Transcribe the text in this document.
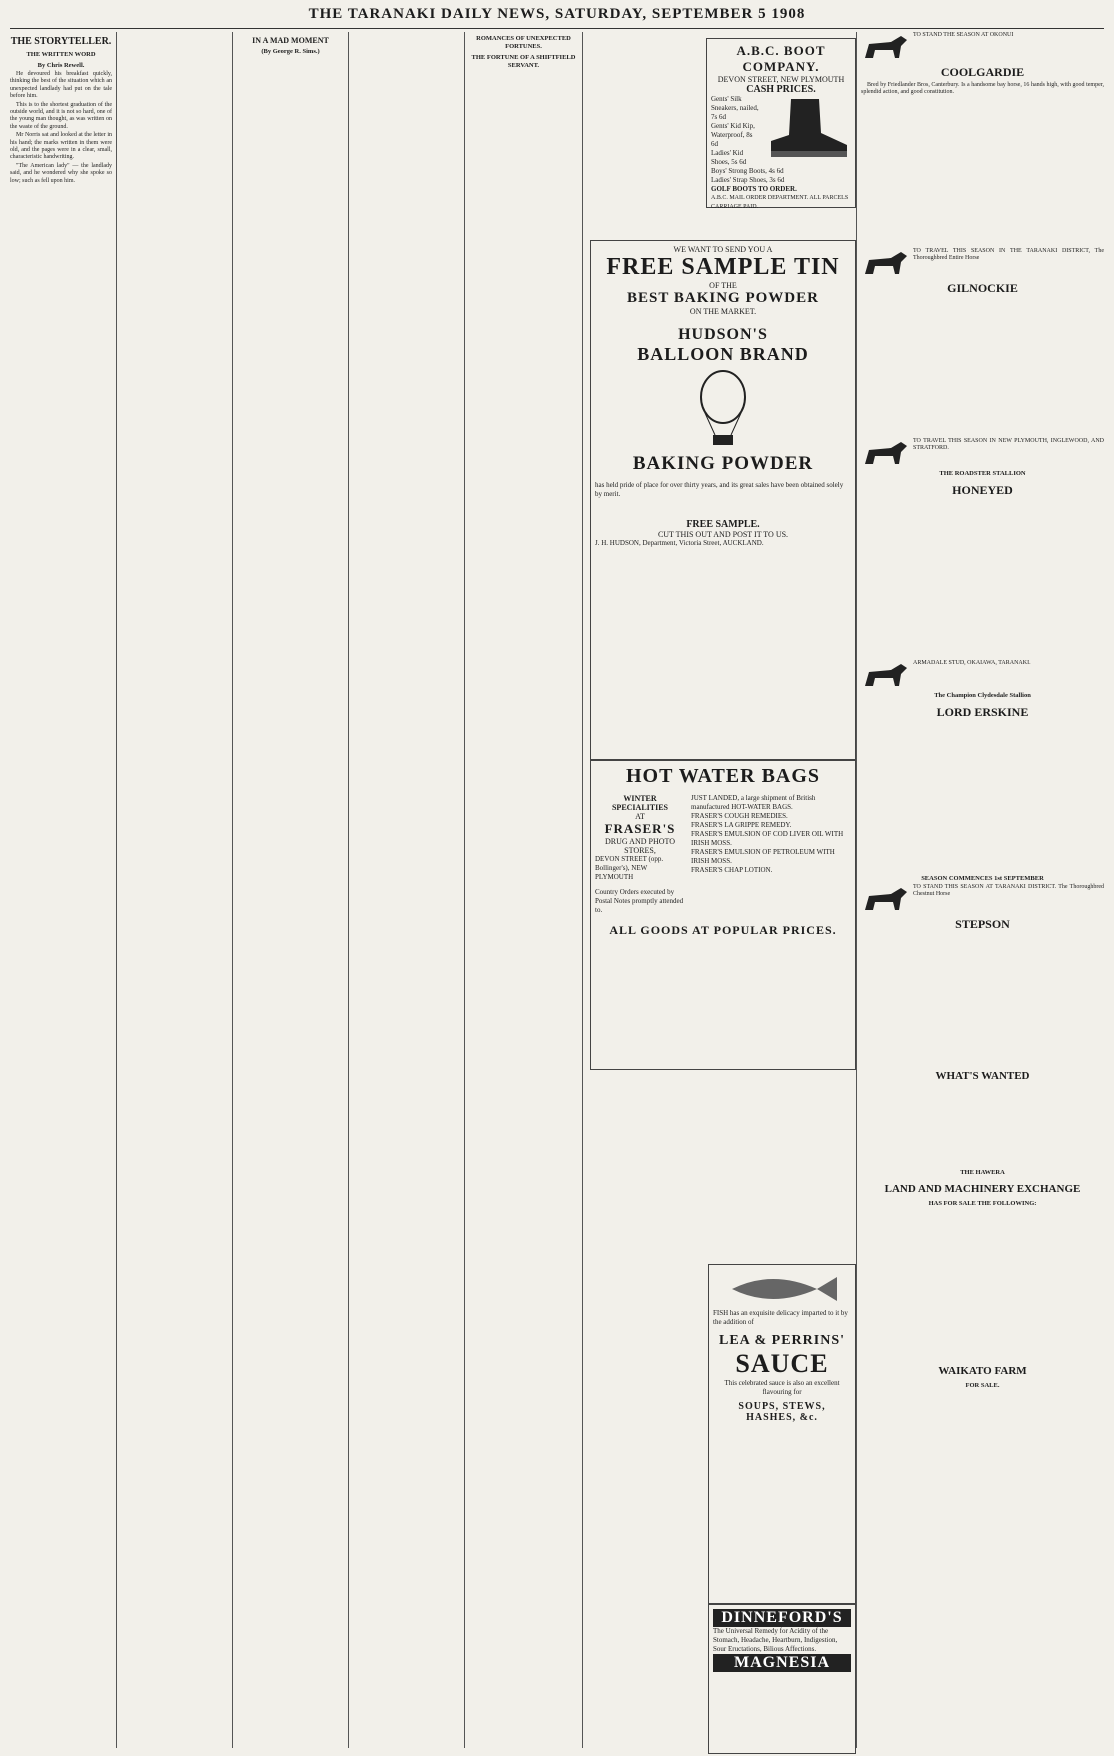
THE TARANAKI DAILY NEWS, SATURDAY, SEPTEMBER 5 1908
THE STORYTELLER.
THE WRITTEN WORD
By Chris Rewell.

He devoured his breakfast quickly, thinking the best of the situation which an unexpected landlady had put on the tale before him.

This is to the shortest graduation of the outside world, and it is not so hard, one of the young man thought, as was written on the waste of the ground.

Mr Norris sat and looked at the letter in his hand; the marks written in them were old, and the pages were in a clear, small, characteristic handwriting.

"The American lady" — the landlady said, and he wondered why she spoke so low; such as fell upon him.

IN A MAD MOMENT
(By George R. Sims.)
ROMANCES OF UNEXPECTED FORTUNES.
THE FORTUNE OF A SHIFTFIELD SERVANT.
A.B.C. BOOT COMPANY.
DEVON STREET, NEW PLYMOUTH
CASH PRICES.
Gents' Silk Sneakers, nailed, 7s 6d
Gents' Kid Kip, Waterproof, 8s 6d
Ladies' Kid Shoes, 5s 6d
Boys' Strong Boots, 4s 6d
Ladies' Strap Shoes, 3s 6d
GOLF BOOTS TO ORDER.
A.B.C. MAIL ORDER DEPARTMENT. ALL PARCELS CARRIAGE PAID.
WE WANT TO SEND YOU A
FREE SAMPLE TIN
OF THE
BEST BAKING POWDER
ON THE MARKET.
HUDSON'S
BALLOON BRAND
BAKING POWDER
has held pride of place for over thirty years, and its great sales have been obtained solely by merit.
FREE SAMPLE.
CUT THIS OUT AND POST IT TO US.
J. H. HUDSON, Department, Victoria Street, AUCKLAND.
HOT WATER BAGS
WINTER SPECIALITIES
AT
FRASER'S
DRUG AND PHOTO STORES,
DEVON STREET (opp. Bollinger's), NEW PLYMOUTH
Country Orders executed by Postal Notes promptly attended to.
JUST LANDED, a large shipment of British manufactured HOT-WATER BAGS.
FRASER'S COUGH REMEDIES.
FRASER'S LA GRIPPE REMEDY.
FRASER'S EMULSION OF COD LIVER OIL WITH IRISH MOSS.
FRASER'S EMULSION OF PETROLEUM WITH IRISH MOSS.
FRASER'S CHAP LOTION.
ALL GOODS AT POPULAR PRICES.
FISH has an exquisite delicacy imparted to it by the addition of
LEA & PERRINS'
SAUCE
This celebrated sauce is also an excellent flavouring for
SOUPS, STEWS, HASHES, &c.
DINNEFORD'S
The Universal Remedy for Acidity of the Stomach, Headache, Heartburn, Indigestion, Sour Eructations, Bilious Affections.
MAGNESIA
TO STAND THE SEASON AT OKONUI
COOLGARDIE

Bred by Friedlander Bros, Canterbury. Is a handsome bay horse, 16 hands high, with good temper, splendid action, and good constitution.

TO TRAVEL THIS SEASON IN THE TARANAKI DISTRICT, The Thoroughbred Entire Horse
GILNOCKIE
TO TRAVEL THIS SEASON IN NEW PLYMOUTH, INGLEWOOD, AND STRATFORD.
THE ROADSTER STALLION
HONEYED
ARMADALE STUD, OKAIAWA, TARANAKI.
The Champion Clydesdale Stallion
LORD ERSKINE
SEASON COMMENCES 1st SEPTEMBER
TO STAND THIS SEASON AT TARANAKI DISTRICT. The Thoroughbred Chestnut Horse
STEPSON
WHAT'S WANTED
THE HAWERA
LAND AND MACHINERY EXCHANGE
HAS FOR SALE THE FOLLOWING:
WAIKATO FARM
FOR SALE.
